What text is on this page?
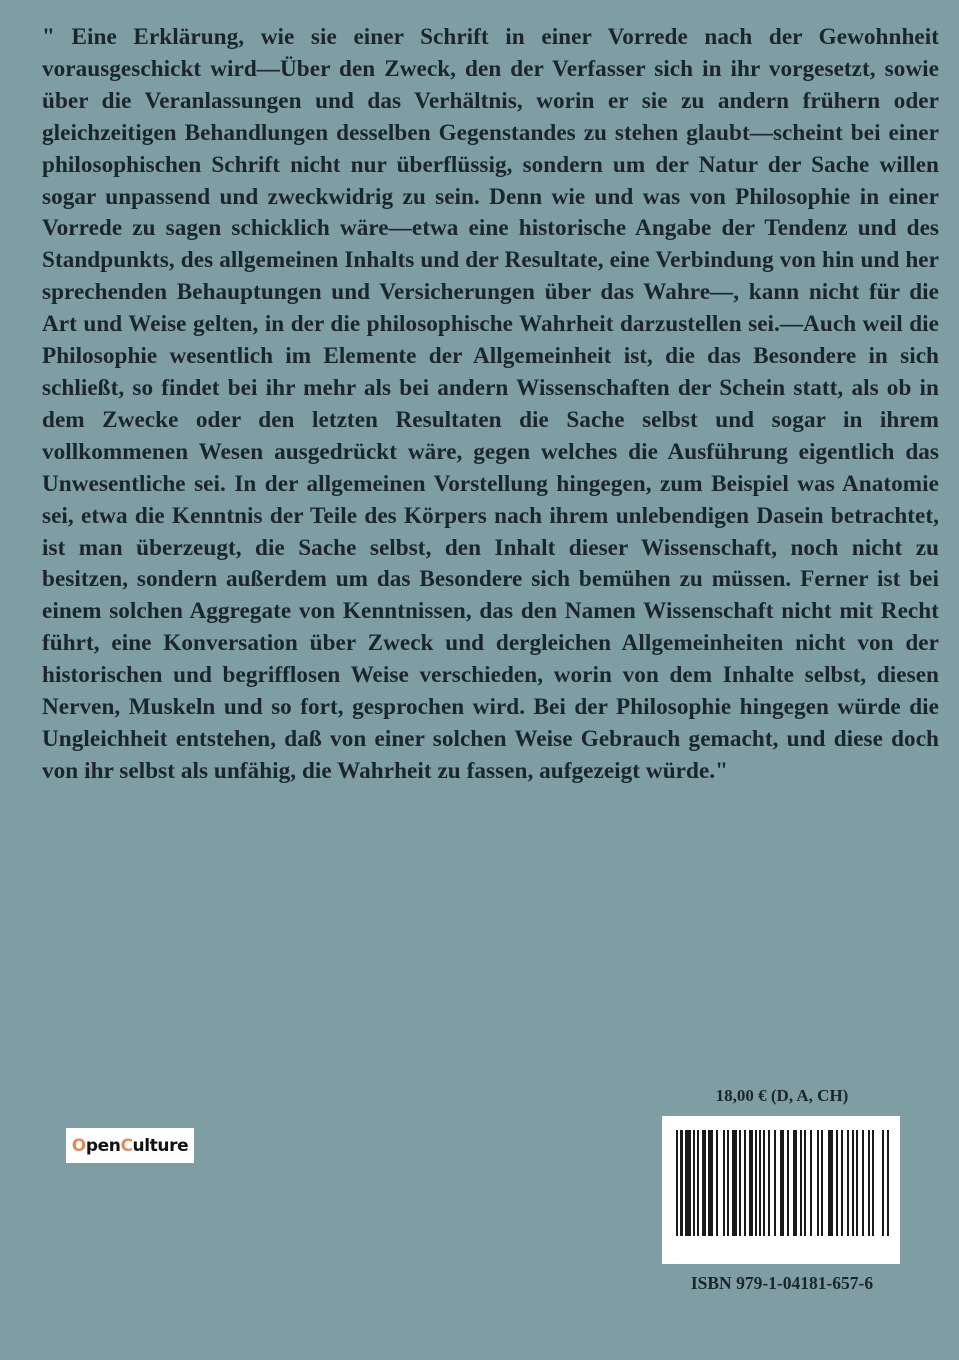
" Eine Erklärung, wie sie einer Schrift in einer Vorrede nach der Gewohnheit vorausgeschickt wird—Über den Zweck, den der Verfasser sich in ihr vorgesetzt, sowie über die Veranlassungen und das Verhältnis, worin er sie zu andern frühern oder gleichzeitigen Behandlungen desselben Gegenstandes zu stehen glaubt—scheint bei einer philosophischen Schrift nicht nur überflüssig, sondern um der Natur der Sache willen sogar unpassend und zweckwidrig zu sein. Denn wie und was von Philosophie in einer Vorrede zu sagen schicklich wäre—etwa eine historische Angabe der Tendenz und des Standpunkts, des allgemeinen Inhalts und der Resultate, eine Verbindung von hin und her sprechenden Behauptungen und Versicherungen über das Wahre—, kann nicht für die Art und Weise gelten, in der die philosophische Wahrheit darzustellen sei.—Auch weil die Philosophie wesentlich im Elemente der Allgemeinheit ist, die das Besondere in sich schließt, so findet bei ihr mehr als bei andern Wissenschaften der Schein statt, als ob in dem Zwecke oder den letzten Resultaten die Sache selbst und sogar in ihrem vollkommenen Wesen ausgedrückt wäre, gegen welches die Ausführung eigentlich das Unwesentliche sei. In der allgemeinen Vorstellung hingegen, zum Beispiel was Anatomie sei, etwa die Kenntnis der Teile des Körpers nach ihrem unlebendigen Dasein betrachtet, ist man überzeugt, die Sache selbst, den Inhalt dieser Wissenschaft, noch nicht zu besitzen, sondern außerdem um das Besondere sich bemühen zu müssen. Ferner ist bei einem solchen Aggregate von Kenntnissen, das den Namen Wissenschaft nicht mit Recht führt, eine Konversation über Zweck und dergleichen Allgemeinheiten nicht von der historischen und begrifflosen Weise verschieden, worin von dem Inhalte selbst, diesen Nerven, Muskeln und so fort, gesprochen wird. Bei der Philosophie hingegen würde die Ungleichheit entstehen, daß von einer solchen Weise Gebrauch gemacht, und diese doch von ihr selbst als unfähig, die Wahrheit zu fassen, aufgezeigt würde."

O pen C ulture
18,00 € (D, A, CH)
ISBN 979-1-04181-657-6
